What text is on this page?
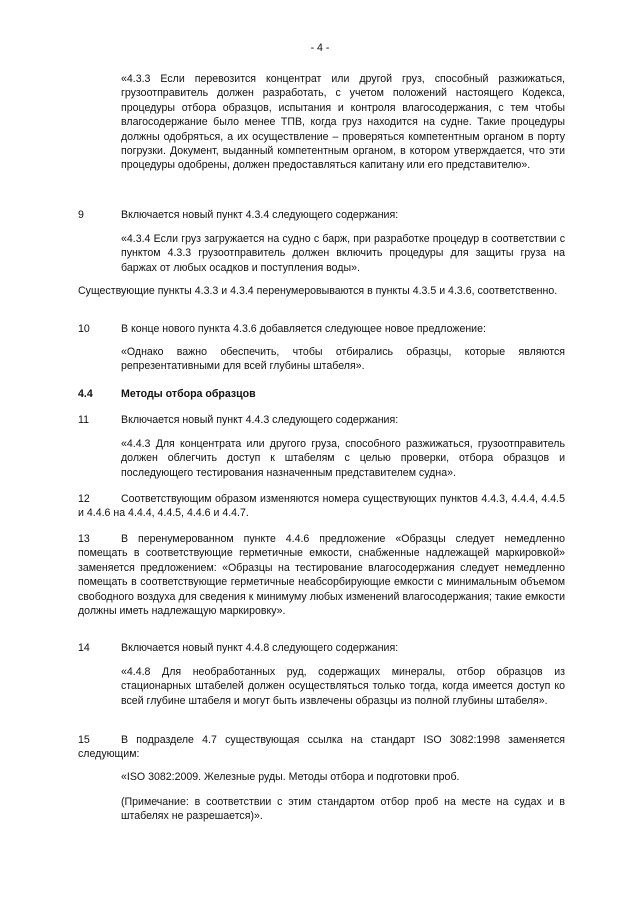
- 4 -
«4.3.3 Если перевозится концентрат или другой груз, способный разжижаться, грузоотправитель должен разработать, с учетом положений настоящего Кодекса, процедуры отбора образцов, испытания и контроля влагосодержания, с тем чтобы влагосодержание было менее ТПВ, когда груз находится на судне. Такие процедуры должны одобряться, а их осуществление – проверяться компетентным органом в порту погрузки. Документ, выданный компетентным органом, в котором утверждается, что эти процедуры одобрены, должен предоставляться капитану или его представителю».
9	Включается новый пункт 4.3.4 следующего содержания:
«4.3.4 Если груз загружается на судно с барж, при разработке процедур в соответствии с пунктом 4.3.3 грузоотправитель должен включить процедуры для защиты груза на баржах от любых осадков и поступления воды».
Существующие пункты 4.3.3 и 4.3.4 перенумеровываются в пункты 4.3.5 и 4.3.6, соответственно.
10	В конце нового пункта 4.3.6 добавляется следующее новое предложение:
«Однако важно обеспечить, чтобы отбирались образцы, которые являются репрезентативными для всей глубины штабеля».
4.4	Методы отбора образцов
11	Включается новый пункт 4.4.3 следующего содержания:
«4.4.3 Для концентрата или другого груза, способного разжижаться, грузоотправитель должен облегчить доступ к штабелям с целью проверки, отбора образцов и последующего тестирования назначенным представителем судна».
Соответствующим образом изменяются номера существующих пунктов 4.4.3, 4.4.4, 4.4.5 и 4.4.6 на 4.4.4, 4.4.5, 4.4.6 и 4.4.7.
12
В перенумерованном пункте 4.4.6 предложение «Образцы следует немедленно помещать в соответствующие герметичные емкости, снабженные надлежащей маркировкой» заменяется предложением: «Образцы на тестирование влагосодержания следует немедленно помещать в соответствующие герметичные неабсорбирующие емкости с минимальным объемом свободного воздуха для сведения к минимуму любых изменений влагосодержания; такие емкости должны иметь надлежащую маркировку».
13
14	Включается новый пункт 4.4.8 следующего содержания:
«4.4.8 Для необработанных руд, содержащих минералы, отбор образцов из стационарных штабелей должен осуществляться только тогда, когда имеется доступ ко всей глубине штабеля и могут быть извлечены образцы из полной глубины штабеля».
В подразделе 4.7 существующая ссылка на стандарт ISO 3082:1998 заменяется следующим:
15
«ISO 3082:2009. Железные руды. Методы отбора и подготовки проб.
(Примечание: в соответствии с этим стандартом отбор проб на месте на судах и в штабелях не разрешается)».
